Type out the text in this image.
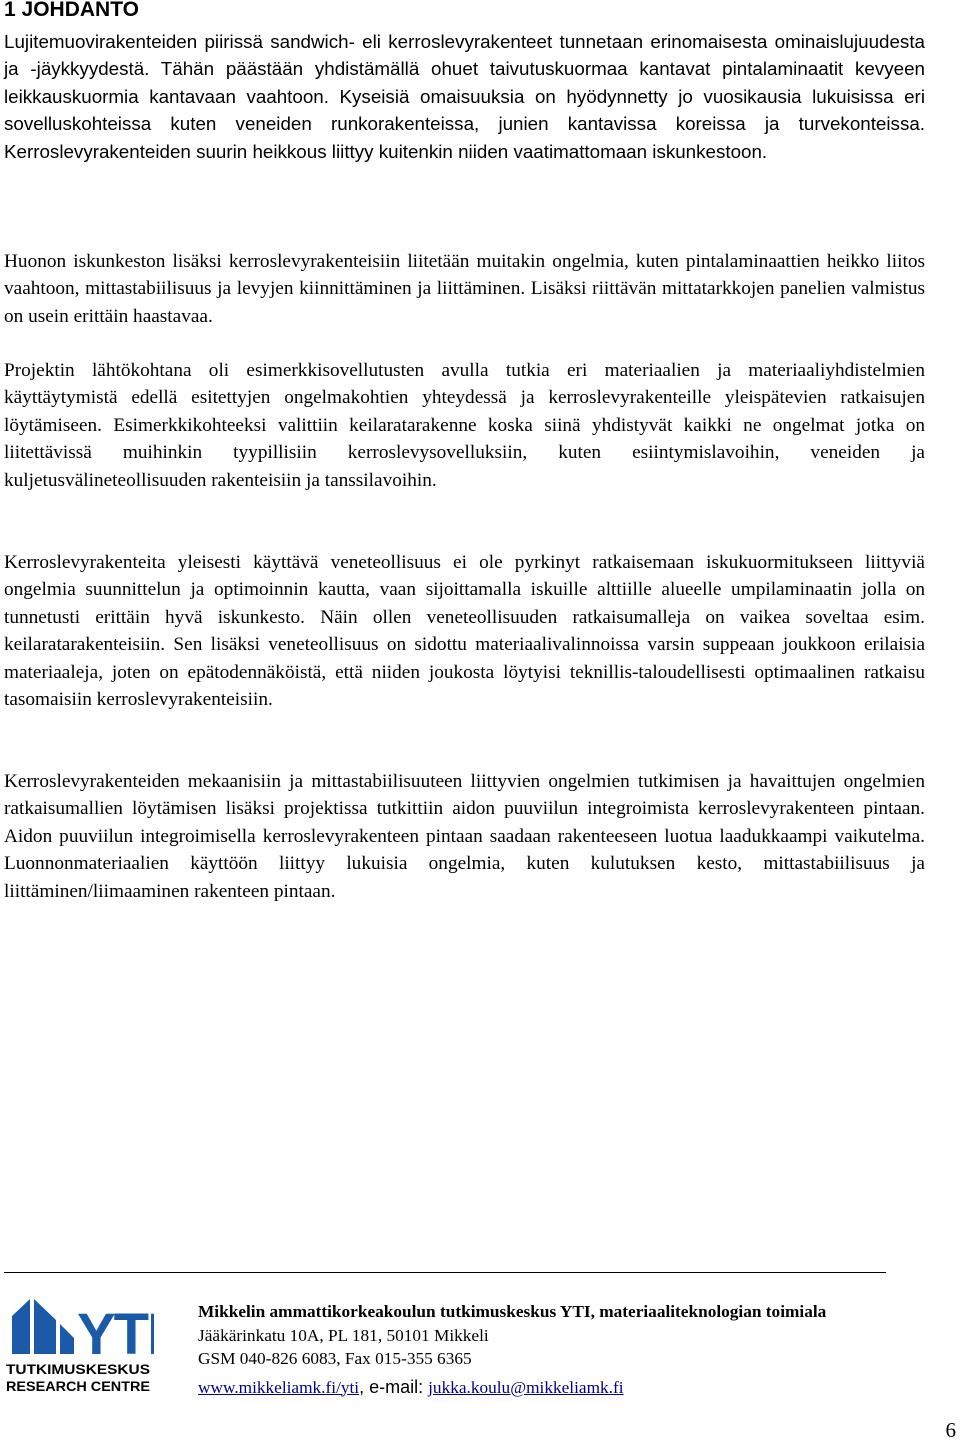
1 JOHDANTO

Lujitemuovirakenteiden piirissä sandwich- eli kerroslevyrakenteet tunnetaan erinomaisesta ominaislujuudesta ja -jäykkyydestä. Tähän päästään yhdistämällä ohuet taivutuskuormaa kantavat pintalaminaatit kevyeen leikkauskuormia kantavaan vaahtoon. Kyseisiä omaisuuksia on hyödynnetty jo vuosikausia lukuisissa eri sovelluskohteissa kuten veneiden runkorakenteissa, junien kantavissa koreissa ja turvekonteissa. Kerroslevyrakenteiden suurin heikkous liittyy kuitenkin niiden vaatimattomaan iskunkestoon.

Huonon iskunkeston lisäksi kerroslevyrakenteisiin liitetään muitakin ongelmia, kuten pintalaminaattien heikko liitos vaahtoon, mittastabiilisuus ja levyjen kiinnittäminen ja liittäminen. Lisäksi riittävän mittatarkkojen panelien valmistus on usein erittäin haastavaa.

Projektin lähtökohtana oli esimerkkisovellutusten avulla tutkia eri materiaalien ja materiaaliyhdistelmien käyttäytymistä edellä esitettyjen ongelmakohtien yhteydessä ja kerroslevyrakenteille yleispätevien ratkaisujen löytämiseen. Esimerkkikohteeksi valittiin keilaratarakenne koska siinä yhdistyvät kaikki ne ongelmat jotka on liitettävissä muihinkin tyypillisiin kerroslevysovelluksiin, kuten esiintymislavoihin, veneiden ja kuljetusvälineteollisuuden rakenteisiin ja tanssilavoihin.

Kerroslevyrakenteita yleisesti käyttävä veneteollisuus ei ole pyrkinyt ratkaisemaan iskukuormitukseen liittyviä ongelmia suunnittelun ja optimoinnin kautta, vaan sijoittamalla iskuille alttiille alueelle umpilaminaatin jolla on tunnetusti erittäin hyvä iskunkesto. Näin ollen veneteollisuuden ratkaisumalleja on vaikea soveltaa esim. keilaratarakenteisiin. Sen lisäksi veneteollisuus on sidottu materiaalivalinnoissa varsin suppeaan joukkoon erilaisia materiaaleja, joten on epätodennäköistä, että niiden joukosta löytyisi teknillis-taloudellisesti optimaalinen ratkaisu tasomaisiin kerroslevyrakenteisiin.

Kerroslevyrakenteiden mekaanisiin ja mittastabiilisuuteen liittyvien ongelmien tutkimisen ja havaittujen ongelmien ratkaisumallien löytämisen lisäksi projektissa tutkittiin aidon puuviilun integroimista kerroslevyrakenteen pintaan. Aidon puuviilun integroimisella kerroslevyrakenteen pintaan saadaan rakenteeseen luotua laadukkaampi vaikutelma. Luonnonmateriaalien käyttöön liittyy lukuisia ongelmia, kuten kulutuksen kesto, mittastabiilisuus ja liittäminen/liimaaminen rakenteen pintaan.

YTI
TUTKIMUSKESKUS
RESEARCH CENTRE
Mikkelin ammattikorkeakoulun tutkimuskeskus YTI, materiaaliteknologian toimiala
Jääkärinkatu 10A, PL 181, 50101 Mikkeli
GSM 040-826 6083, Fax 015-355 6365
www.mikkeliamk.fi/yti, e-mail: jukka.koulu@mikkeliamk.fi
6
